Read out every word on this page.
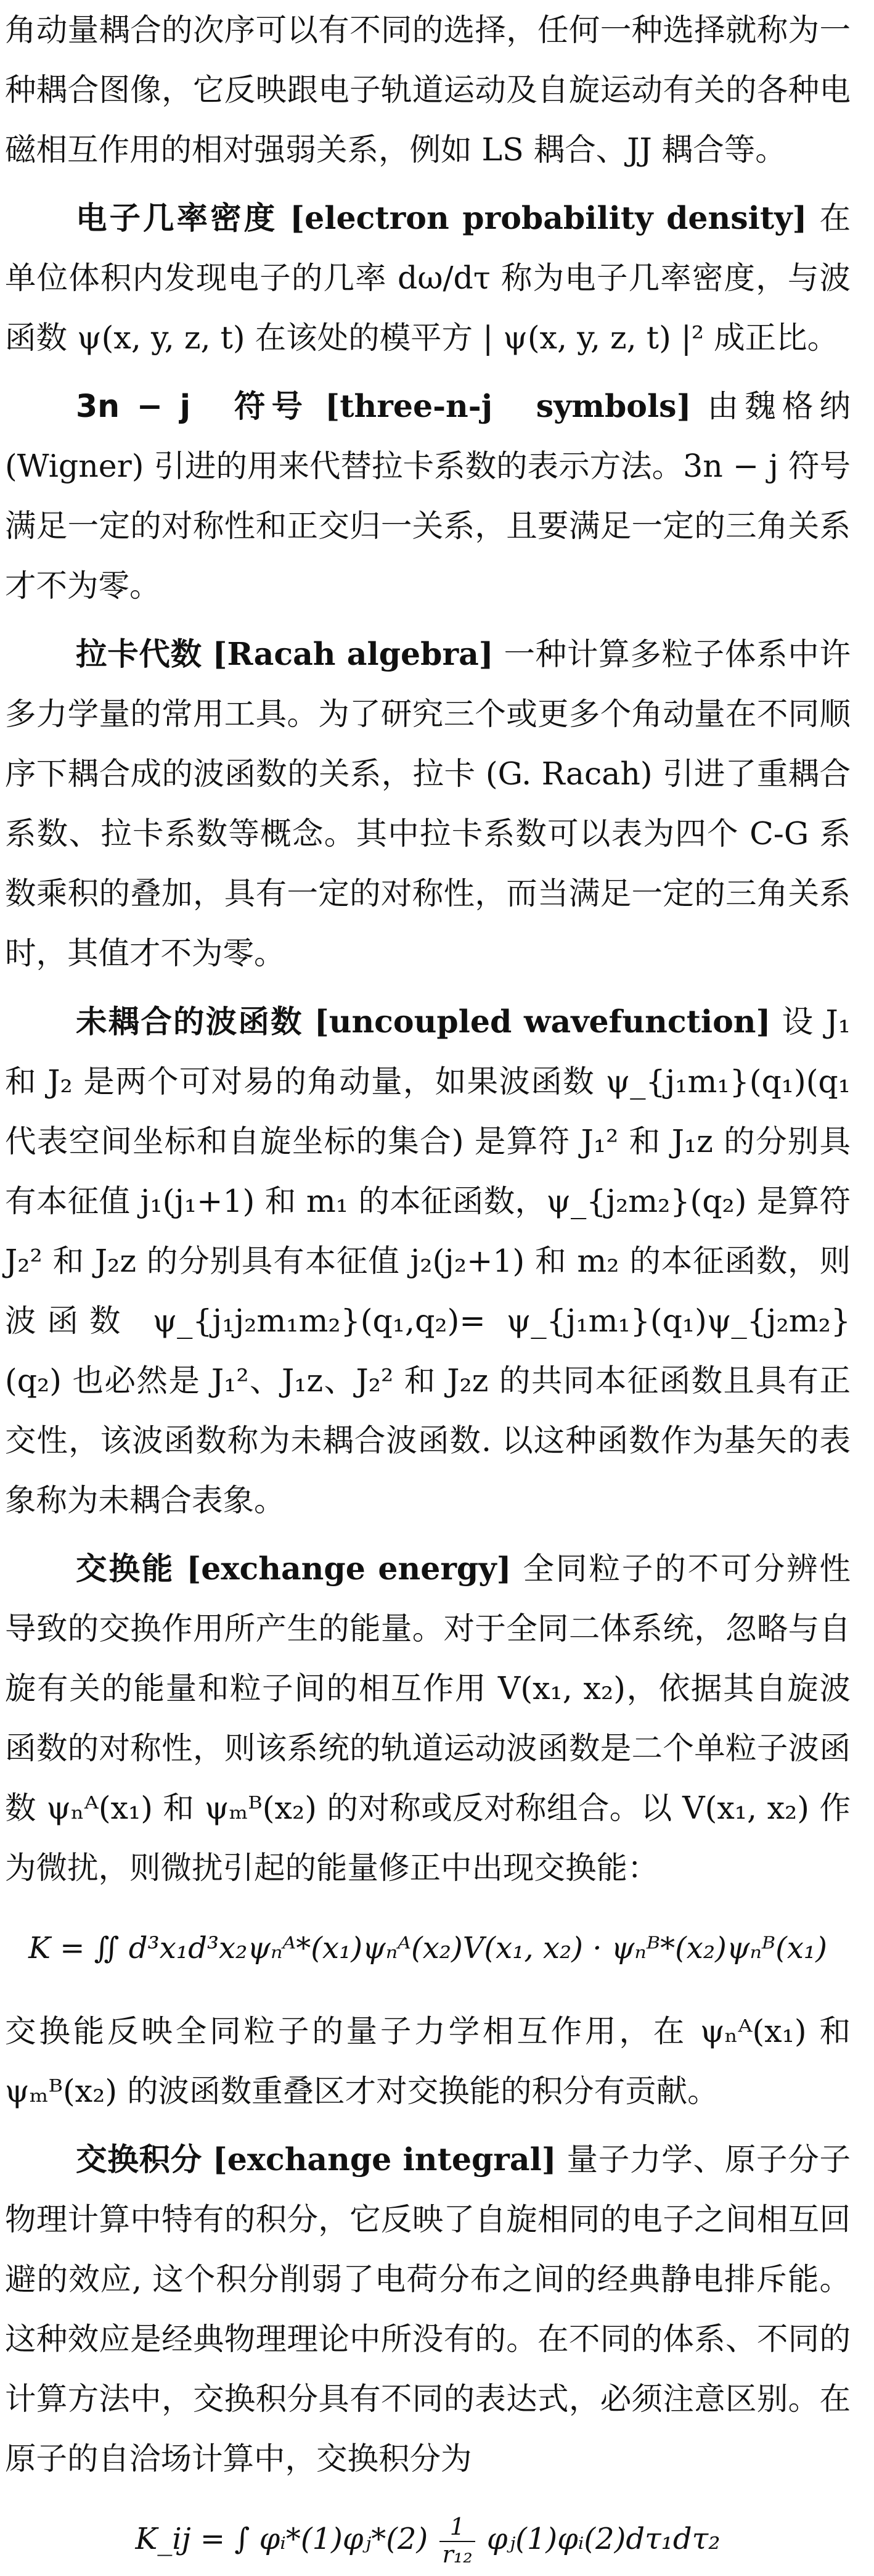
角动量耦合的次序可以有不同的选择，任何一种选择就称为一种耦合图像，它反映跟电子轨道运动及自旋运动有关的各种电磁相互作用的相对强弱关系，例如 LS 耦合、JJ 耦合等。

电子几率密度 [electron probability density] 在单位体积内发现电子的几率 dω/dτ 称为电子几率密度，与波函数 ψ(x, y, z, t) 在该处的模平方 | ψ(x, y, z, t) |² 成正比。

3n − j　符号 [three-n-j　symbols] 由魏格纳 (Wigner) 引进的用来代替拉卡系数的表示方法。3n − j 符号满足一定的对称性和正交归一关系，且要满足一定的三角关系才不为零。

拉卡代数 [Racah algebra] 一种计算多粒子体系中许多力学量的常用工具。为了研究三个或更多个角动量在不同顺序下耦合成的波函数的关系，拉卡 (G. Racah) 引进了重耦合系数、拉卡系数等概念。其中拉卡系数可以表为四个 C-G 系数乘积的叠加，具有一定的对称性，而当满足一定的三角关系时，其值才不为零。

未耦合的波函数 [uncoupled wavefunction] 设 J₁ 和 J₂ 是两个可对易的角动量，如果波函数 ψ_{j₁m₁}(q₁)(q₁ 代表空间坐标和自旋坐标的集合) 是算符 J₁² 和 J₁z 的分别具有本征值 j₁(j₁+1) 和 m₁ 的本征函数，ψ_{j₂m₂}(q₂) 是算符 J₂² 和 J₂z 的分别具有本征值 j₂(j₂+1) 和 m₂ 的本征函数，则波函数 ψ_{j₁j₂m₁m₂}(q₁,q₂)= ψ_{j₁m₁}(q₁)ψ_{j₂m₂}(q₂) 也必然是 J₁²、J₁z、J₂² 和 J₂z 的共同本征函数且具有正交性，该波函数称为未耦合波函数. 以这种函数作为基矢的表象称为未耦合表象。

交换能 [exchange energy] 全同粒子的不可分辨性导致的交换作用所产生的能量。对于全同二体系统，忽略与自旋有关的能量和粒子间的相互作用 V(x₁, x₂)，依据其自旋波函数的对称性，则该系统的轨道运动波函数是二个单粒子波函数 ψₙᴬ(x₁) 和 ψₘᴮ(x₂) 的对称或反对称组合。以 V(x₁, x₂) 作为微扰，则微扰引起的能量修正中出现交换能：

K = ∬ d³x₁d³x₂ψₙᴬ*(x₁)ψₙᴬ(x₂)V(x₁, x₂) · ψₙᴮ*(x₂)ψₙᴮ(x₁)

交换能反映全同粒子的量子力学相互作用，在 ψₙᴬ(x₁) 和 ψₘᴮ(x₂) 的波函数重叠区才对交换能的积分有贡献。

交换积分 [exchange integral] 量子力学、原子分子物理计算中特有的积分，它反映了自旋相同的电子之间相互回避的效应, 这个积分削弱了电荷分布之间的经典静电排斥能。这种效应是经典物理理论中所没有的。在不同的体系、不同的计算方法中，交换积分具有不同的表达式，必须注意区别。在原子的自洽场计算中，交换积分为

K_ij = ∫ φᵢ*(1)φⱼ*(2) $\frac{1}{\text{r₁₂}}$ φⱼ(1)φᵢ(2)dτ₁dτ₂
